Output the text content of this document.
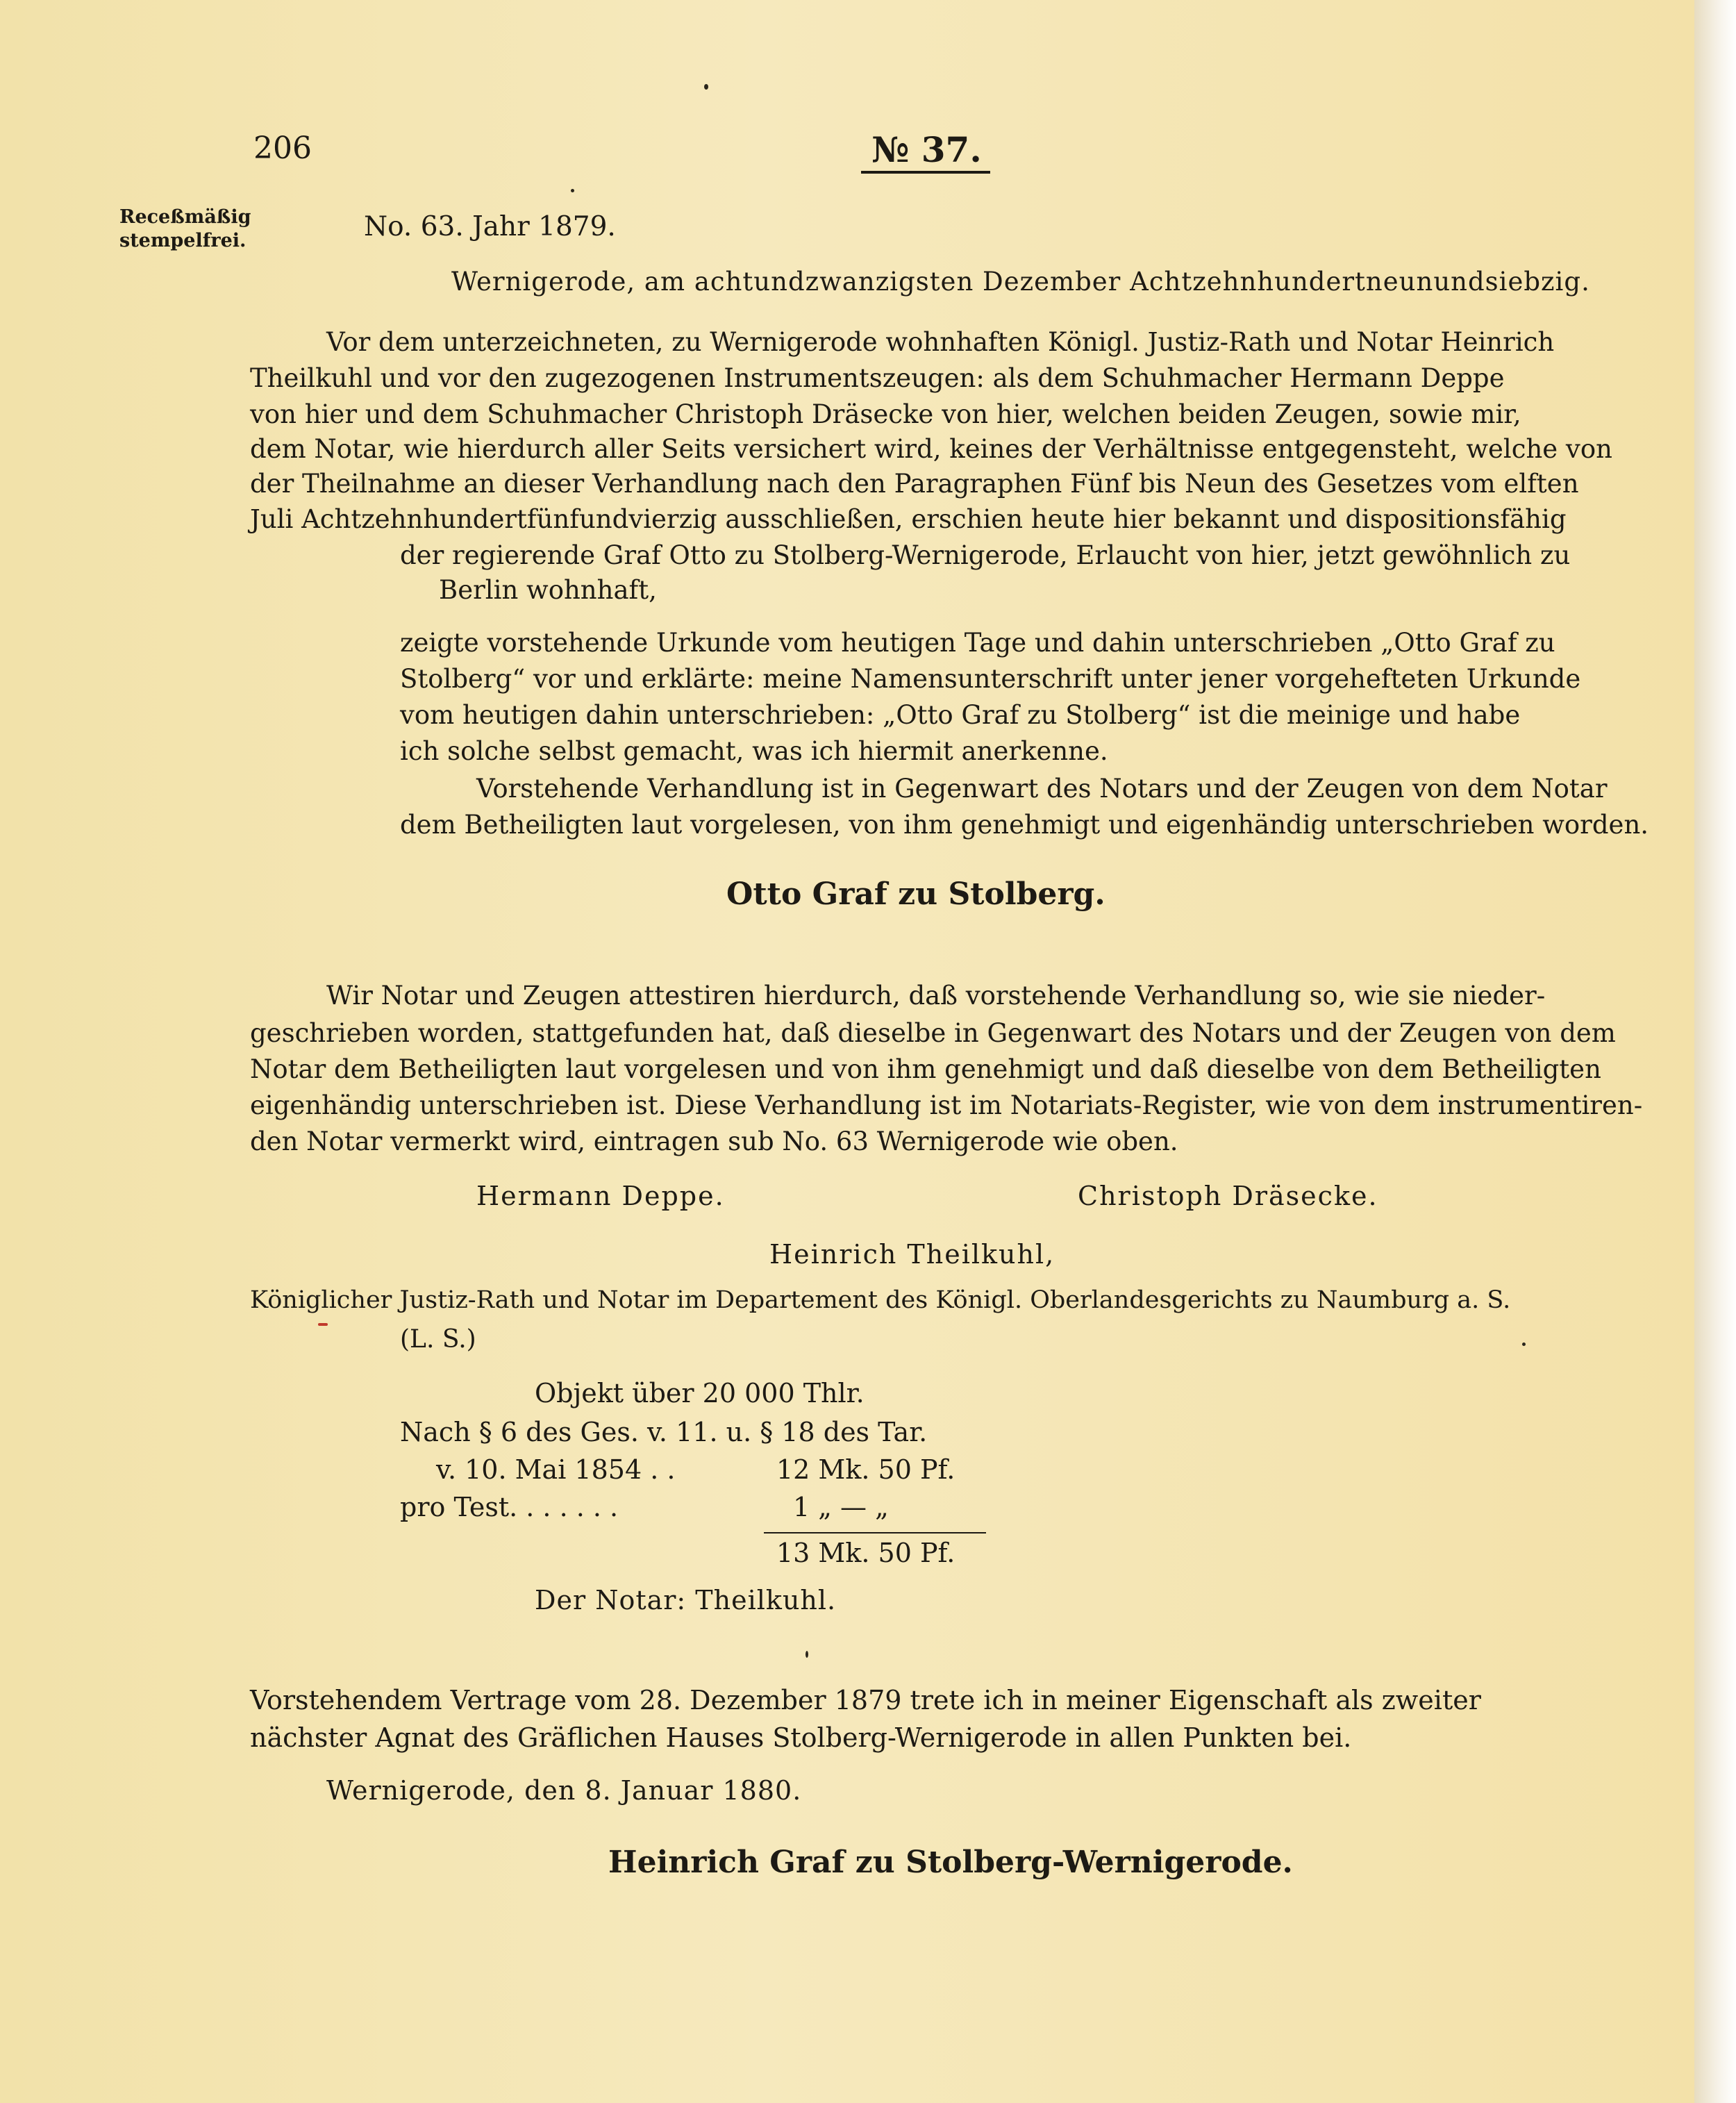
206	№ 37.
Receßmäßig
stempelfrei.	No. 63. Jahr 1879.
Wernigerode, am achtundzwanzigsten Dezember Achtzehnhundertneunundsiebzig.
Vor dem unterzeichneten, zu Wernigerode wohnhaften Königl. Justiz-Rath und Notar Heinrich
Theilkuhl und vor den zugezogenen Instrumentszeugen: als dem Schuhmacher Hermann Deppe
von hier und dem Schuhmacher Christoph Dräsecke von hier, welchen beiden Zeugen, sowie mir,
dem Notar, wie hierdurch aller Seits versichert wird, keines der Verhältnisse entgegensteht, welche von
der Theilnahme an dieser Verhandlung nach den Paragraphen Fünf bis Neun des Gesetzes vom elften
Juli Achtzehnhundertfünfundvierzig ausschließen, erschien heute hier bekannt und dispositionsfähig
der regierende Graf Otto zu Stolberg-Wernigerode, Erlaucht von hier, jetzt gewöhnlich zu
Berlin wohnhaft,
zeigte vorstehende Urkunde vom heutigen Tage und dahin unterschrieben „Otto Graf zu
Stolberg“ vor und erklärte: meine Namensunterschrift unter jener vorgehefteten Urkunde
vom heutigen dahin unterschrieben: „Otto Graf zu Stolberg“ ist die meinige und habe
ich solche selbst gemacht, was ich hiermit anerkenne.
Vorstehende Verhandlung ist in Gegenwart des Notars und der Zeugen von dem Notar
dem Betheiligten laut vorgelesen, von ihm genehmigt und eigenhändig unterschrieben worden.
Otto Graf zu Stolberg.
Wir Notar und Zeugen attestiren hierdurch, daß vorstehende Verhandlung so, wie sie nieder-
geschrieben worden, stattgefunden hat, daß dieselbe in Gegenwart des Notars und der Zeugen von dem
Notar dem Betheiligten laut vorgelesen und von ihm genehmigt und daß dieselbe von dem Betheiligten
eigenhändig unterschrieben ist. Diese Verhandlung ist im Notariats-Register, wie von dem instrumentiren-
den Notar vermerkt wird, eintragen sub No. 63 Wernigerode wie oben.
Hermann Deppe.	Christoph Dräsecke.
Heinrich Theilkuhl,
Königlicher Justiz-Rath und Notar im Departement des Königl. Oberlandesgerichts zu Naumburg a. S.
(L. S.)
Objekt über 20 000 Thlr.
Nach § 6 des Ges. v. 11. u. § 18 des Tar.
v. 10. Mai 1854 . .	12 Mk. 50 Pf.
pro Test. . . . . . .	1 „ — „
13 Mk. 50 Pf.
Der Notar: Theilkuhl.
Vorstehendem Vertrage vom 28. Dezember 1879 trete ich in meiner Eigenschaft als zweiter
nächster Agnat des Gräflichen Hauses Stolberg-Wernigerode in allen Punkten bei.
Wernigerode, den 8. Januar 1880.
Heinrich Graf zu Stolberg-Wernigerode.
